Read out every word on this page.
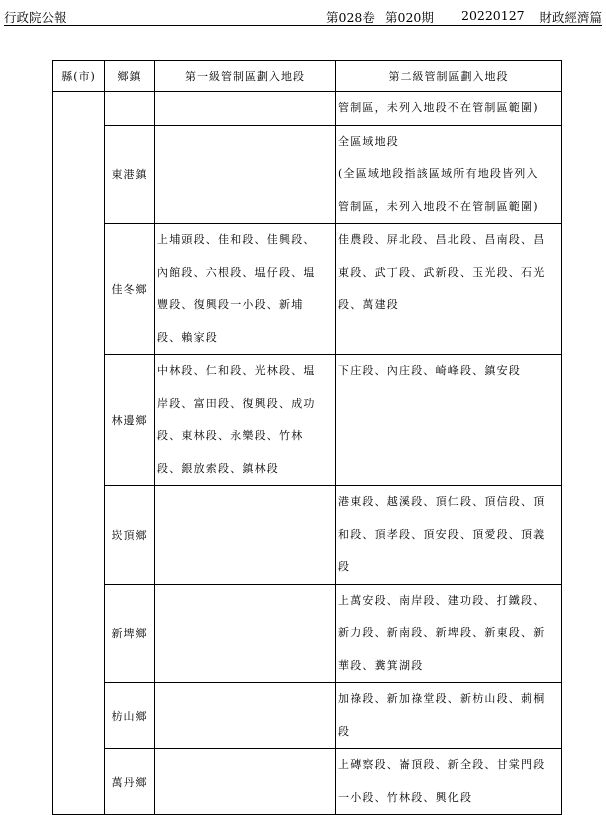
行政院公報	第028卷 第020期 20220127 財政經濟篇
縣(市)	鄉鎮	第一級管制區劃入地段	第二級管制區劃入地段

			管制區，未列入地段不在管制區範圍)

	東港鎮		全區域地段
(全區域地段指該區域所有地段皆列入
管制區，未列入地段不在管制區範圍)

	佳冬鄉	上埔頭段、佳和段、佳興段、
內館段、六根段、塭仔段、塭
豐段、復興段一小段、新埔
段、賴家段	佳農段、屏北段、昌北段、昌南段、昌
東段、武丁段、武新段、玉光段、石光
段、萬建段

	林邊鄉	中林段、仁和段、光林段、塭
岸段、富田段、復興段、成功
段、東林段、永樂段、竹林
段、銀放索段、鎮林段	下庄段、內庄段、崎峰段、鎮安段

	崁頂鄉		港東段、越溪段、頂仁段、頂信段、頂
和段、頂孝段、頂安段、頂愛段、頂義
段

	新埤鄉		上萬安段、南岸段、建功段、打鐵段、
新力段、新南段、新埤段、新東段、新
華段、糞箕湖段

	枋山鄉		加祿段、新加祿堂段、新枋山段、莿桐
段

	萬丹鄉		上磚察段、崙頂段、新全段、甘棠門段
一小段、竹林段、興化段
